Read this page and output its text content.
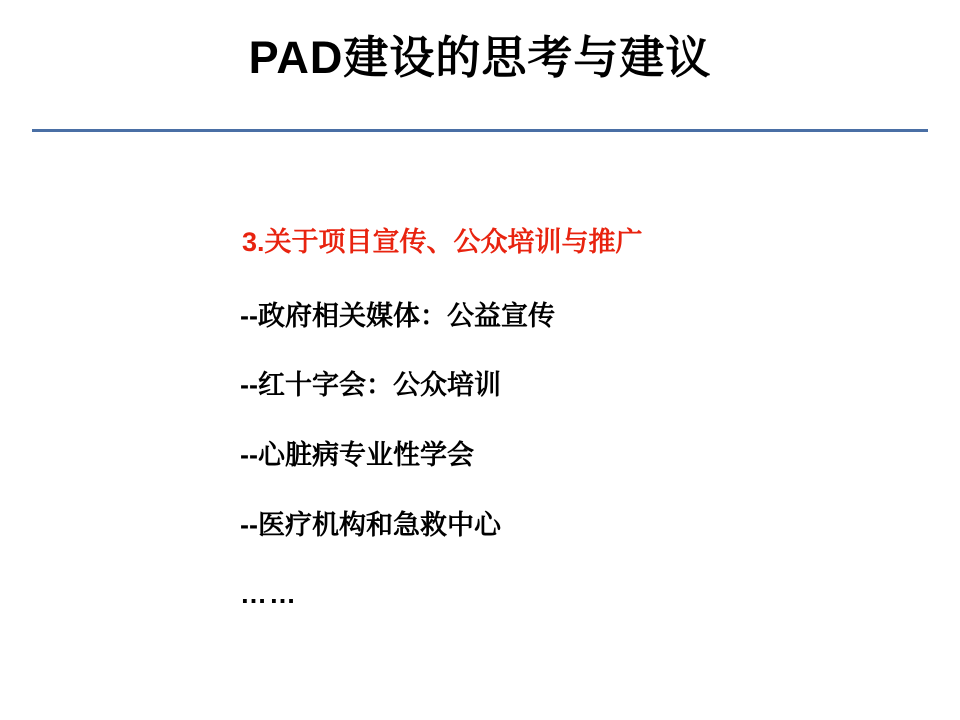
PAD建设的思考与建议
3.关于项目宣传、公众培训与推广
--政府相关媒体：公益宣传
--红十字会：公众培训
--心脏病专业性学会
--医疗机构和急救中心
……
